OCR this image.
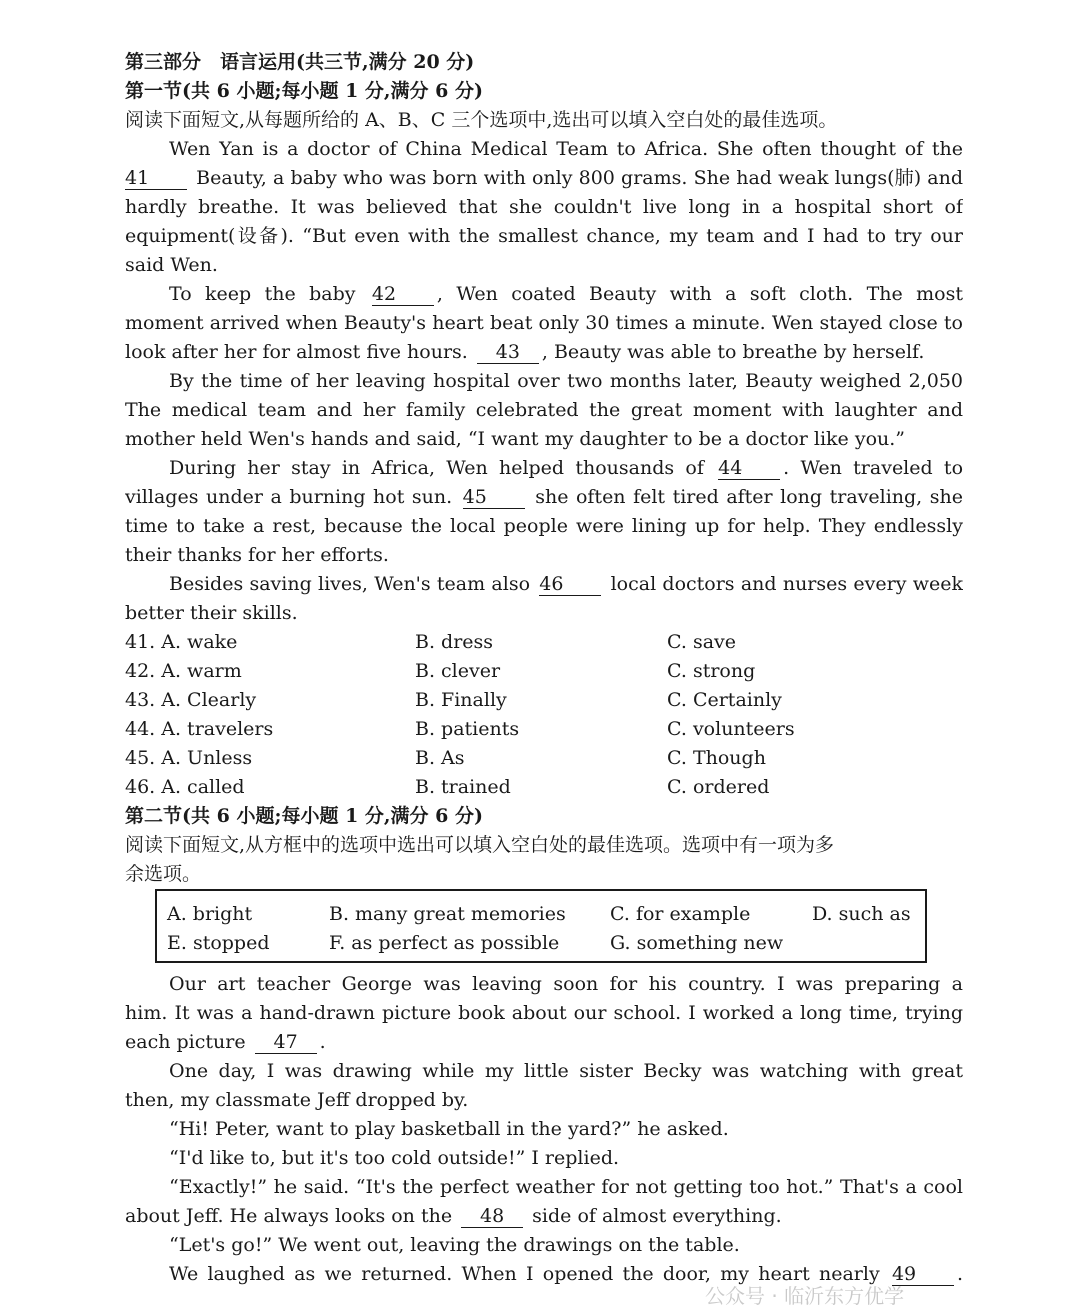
第三部分　语言运用(共三节,满分 20 分)
第一节(共 6 小题;每小题 1 分,满分 6 分)
阅读下面短文,从每题所给的 A、B、C 三个选项中,选出可以填入空白处的最佳选项。
Wen Yan is a doctor of China Medical Team to Africa. She often thought of the
41 Beauty, a baby who was born with only 800 grams. She had weak lungs(肺) and
hardly breathe. It was believed that she couldn't live long in a hospital short of
equipment(设备). “But even with the smallest chance, my team and I had to try our
said Wen.
To keep the baby 42 , Wen coated Beauty with a soft cloth. The most
moment arrived when Beauty's heart beat only 30 times a minute. Wen stayed close to
look after her for almost five hours. 43 , Beauty was able to breathe by herself.
By the time of her leaving hospital over two months later, Beauty weighed 2,050
The medical team and her family celebrated the great moment with laughter and
mother held Wen's hands and said, “I want my daughter to be a doctor like you.”
During her stay in Africa, Wen helped thousands of 44 . Wen traveled to
villages under a burning hot sun. 45	she often felt tired after long traveling, she
time to take a rest, because the local people were lining up for help. They endlessly
their thanks for her efforts.
Besides saving lives, Wen's team also 46 local doctors and nurses every week
better their skills.
41. A. wake	B. dress	C. save
42. A. warm	B. clever	C. strong
43. A. Clearly	B. Finally	C. Certainly
44. A. travelers	B. patients	C. volunteers
45. A. Unless	B. As	C. Though
46. A. called	B. trained	C. ordered
第二节(共 6 小题;每小题 1 分,满分 6 分)
阅读下面短文,从方框中的选项中选出可以填入空白处的最佳选项。选项中有一项为多
余选项。
A. bright	B. many great memories C. for example	D. such as
E. stopped	F. as perfect as possible	G. something new
Our art teacher George was leaving soon for his country. I was preparing a
him. It was a hand-drawn picture book about our school. I worked a long time, trying
each picture 47 .
One day, I was drawing while my little sister Becky was watching with great
then, my classmate Jeff dropped by.
“Hi! Peter, want to play basketball in the yard?” he asked.
“I'd like to, but it's too cold outside!” I replied.
“Exactly!” he said. “It's the perfect weather for not getting too hot.” That's a cool
about Jeff. He always looks on the 48 side of almost everything.
“Let's go!” We went out, leaving the drawings on the table.
We laughed as we returned. When I opened the door, my heart nearly 49 .
公众号 · 临沂东方优学
